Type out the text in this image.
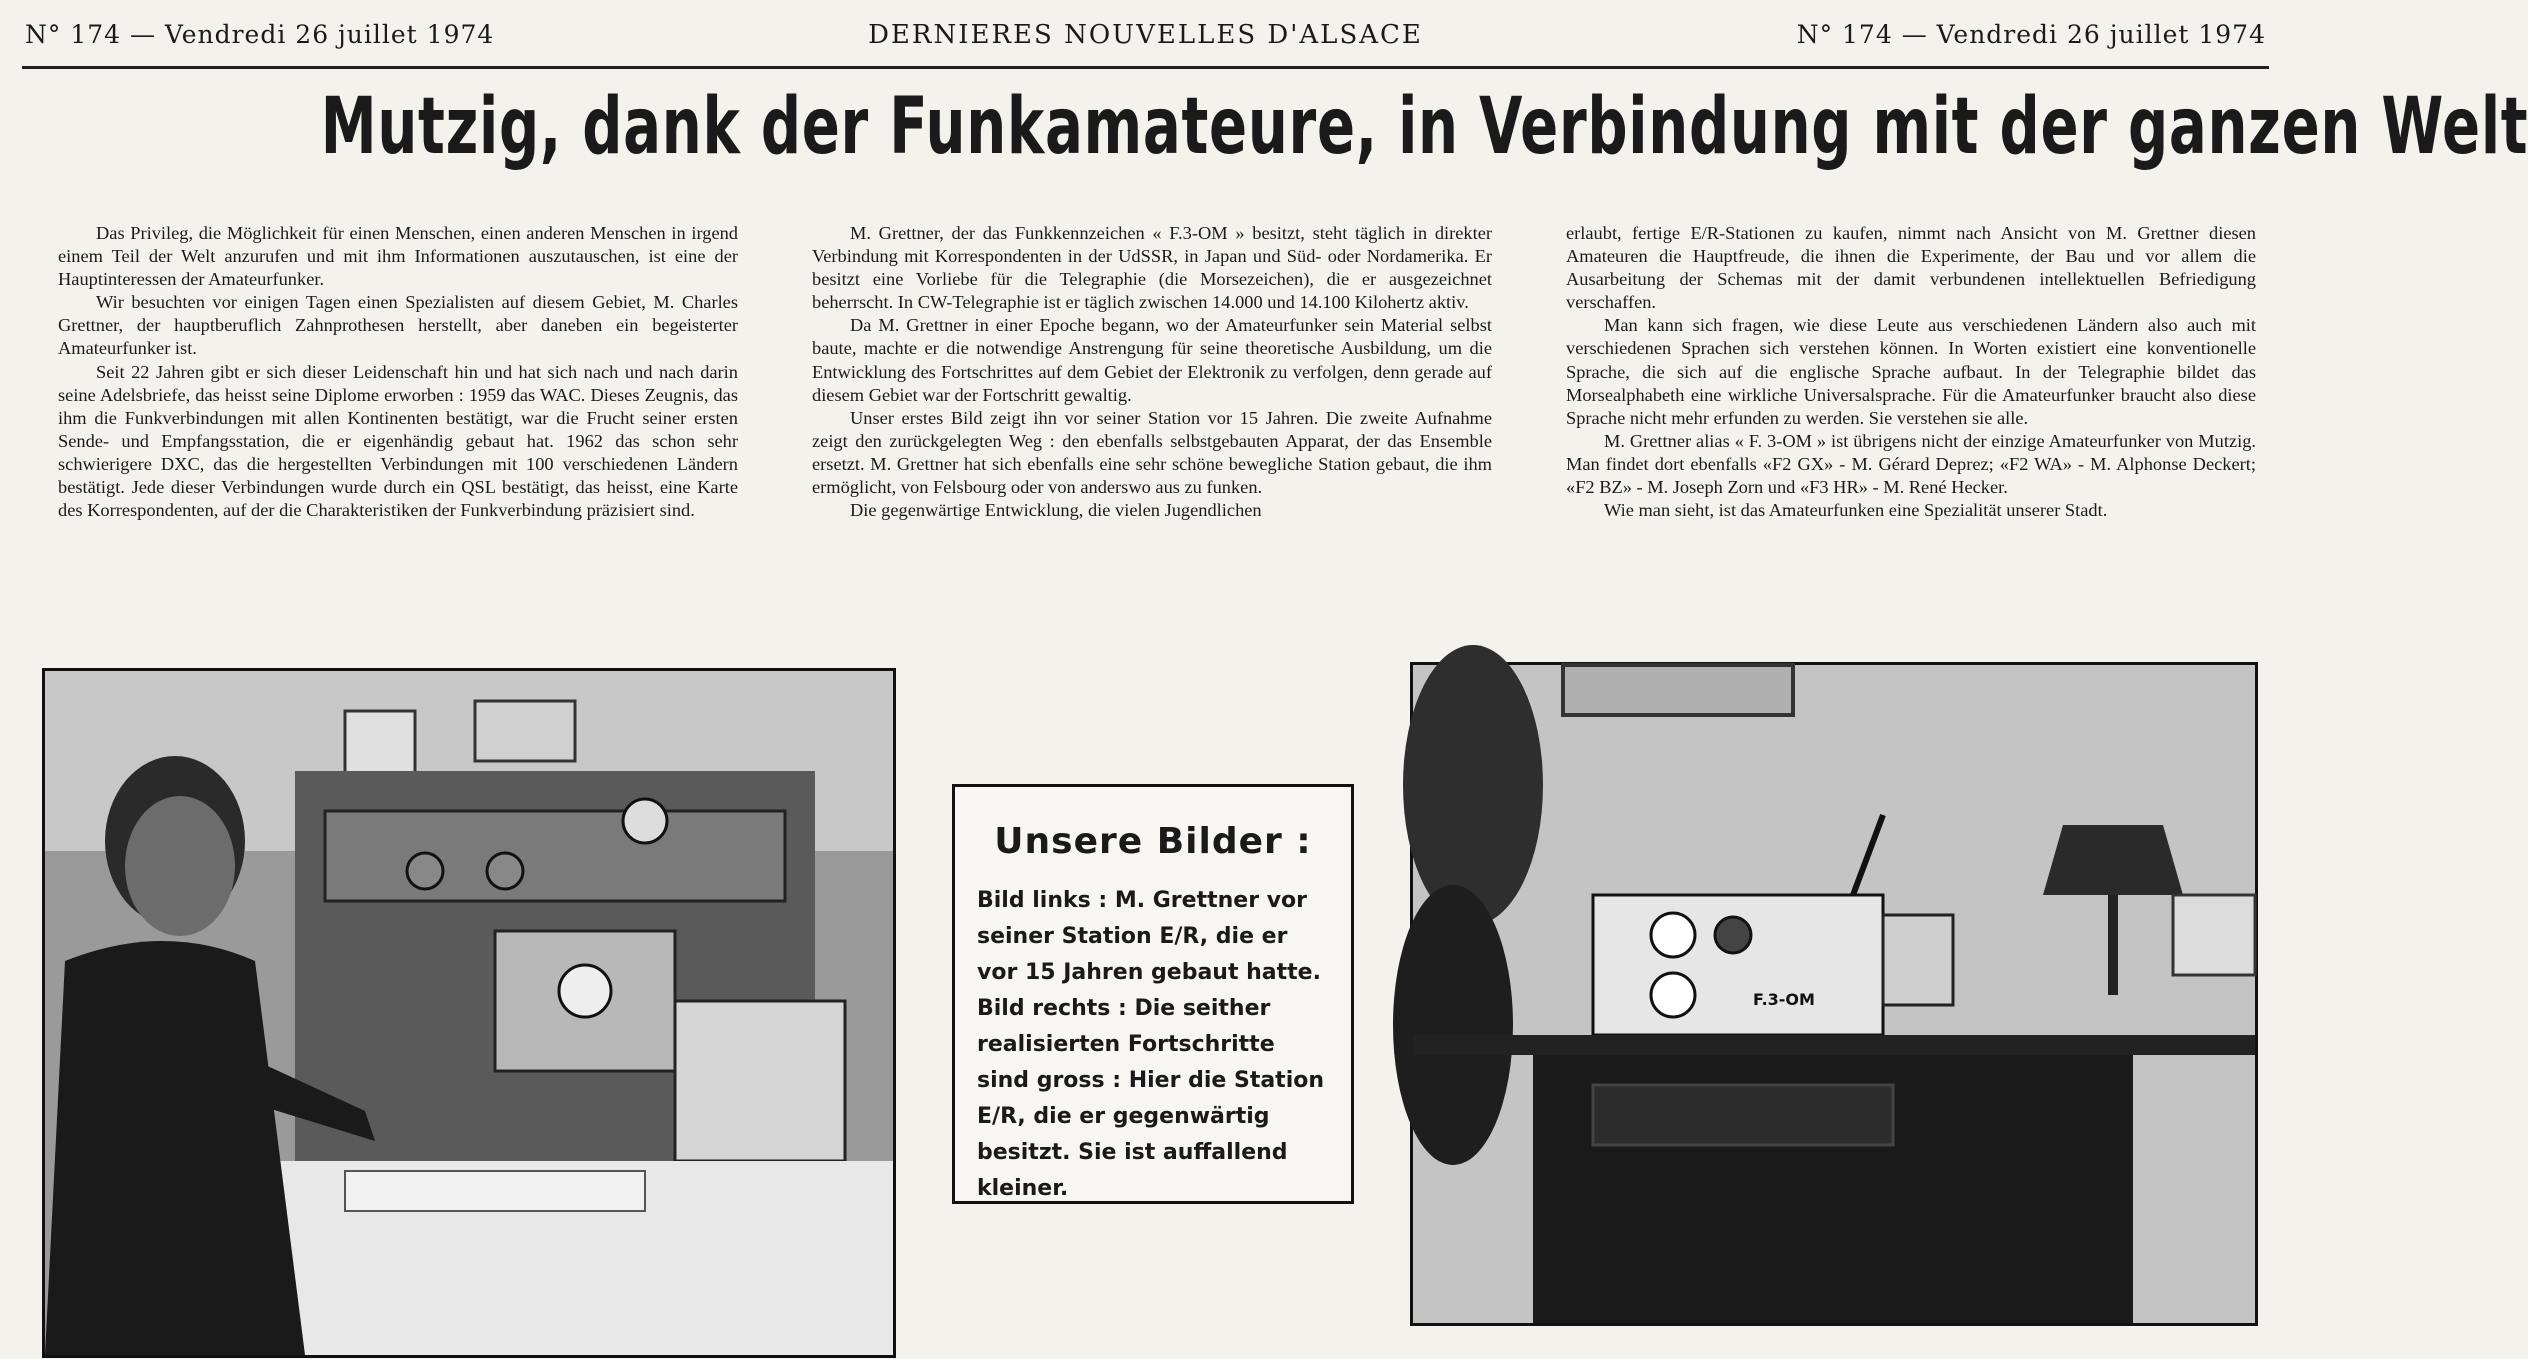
N° 174 — Vendredi 26 juillet 1974	DERNIERES NOUVELLES D'ALSACE	N° 174 — Vendredi 26 juillet 1974
Mutzig, dank der Funkamateure, in Verbindung mit der ganzen Welt

Das Privileg, die Möglichkeit für einen Menschen, einen anderen Menschen in irgend einem Teil der Welt anzurufen und mit ihm Informationen auszutauschen, ist eine der Hauptinteressen der Amateurfunker.

Wir besuchten vor einigen Tagen einen Spezialisten auf diesem Gebiet, M. Charles Grettner, der hauptberuflich Zahnprothesen herstellt, aber daneben ein begeisterter Amateurfunker ist.

Seit 22 Jahren gibt er sich dieser Leidenschaft hin und hat sich nach und nach darin seine Adelsbriefe, das heisst seine Diplome erworben : 1959 das WAC. Dieses Zeugnis, das ihm die Funkverbindungen mit allen Kontinenten bestätigt, war die Frucht seiner ersten Sende- und Empfangsstation, die er eigenhändig gebaut hat. 1962 das schon sehr schwierigere DXC, das die hergestellten Verbindungen mit 100 verschiedenen Ländern bestätigt. Jede dieser Verbindungen wurde durch ein QSL bestätigt, das heisst, eine Karte des Korrespondenten, auf der die Charakteristiken der Funkverbindung präzisiert sind.

M. Grettner, der das Funkkennzeichen « F.3-OM » besitzt, steht täglich in direkter Verbindung mit Korrespondenten in der UdSSR, in Japan und Süd- oder Nordamerika. Er besitzt eine Vorliebe für die Telegraphie (die Morsezeichen), die er ausgezeichnet beherrscht. In CW-Telegraphie ist er täglich zwischen 14.000 und 14.100 Kilohertz aktiv.

Da M. Grettner in einer Epoche begann, wo der Amateurfunker sein Material selbst baute, machte er die notwendige Anstrengung für seine theoretische Ausbildung, um die Entwicklung des Fortschrittes auf dem Gebiet der Elektronik zu verfolgen, denn gerade auf diesem Gebiet war der Fortschritt gewaltig.

Unser erstes Bild zeigt ihn vor seiner Station vor 15 Jahren. Die zweite Aufnahme zeigt den zurückgelegten Weg : den ebenfalls selbstgebauten Apparat, der das Ensemble ersetzt. M. Grettner hat sich ebenfalls eine sehr schöne bewegliche Station gebaut, die ihm ermöglicht, von Felsbourg oder von anderswo aus zu funken.

Die gegenwärtige Entwicklung, die vielen Jugendlichen

erlaubt, fertige E/R-Stationen zu kaufen, nimmt nach Ansicht von M. Grettner diesen Amateuren die Hauptfreude, die ihnen die Experimente, der Bau und vor allem die Ausarbeitung der Schemas mit der damit verbundenen intellektuellen Befriedigung verschaffen.

Man kann sich fragen, wie diese Leute aus verschiedenen Ländern also auch mit verschiedenen Sprachen sich verstehen können. In Worten existiert eine konventionelle Sprache, die sich auf die englische Sprache aufbaut. In der Telegraphie bildet das Morsealphabeth eine wirkliche Universalsprache. Für die Amateurfunker braucht also diese Sprache nicht mehr erfunden zu werden. Sie verstehen sie alle.

M. Grettner alias « F. 3-OM » ist übrigens nicht der einzige Amateurfunker von Mutzig. Man findet dort ebenfalls «F2 GX» - M. Gérard Deprez; «F2 WA» - M. Alphonse Deckert; «F2 BZ» - M. Joseph Zorn und «F3 HR» - M. René Hecker.

Wie man sieht, ist das Amateurfunken eine Spezialität unserer Stadt.

Unsere Bilder :

Bild links : M. Grettner vor seiner Station E/R, die er vor 15 Jahren gebaut hatte.

Bild rechts : Die seither realisierten Fortschritte sind gross : Hier die Station E/R, die er gegenwärtig besitzt. Sie ist auffallend kleiner.

F.3-OM
